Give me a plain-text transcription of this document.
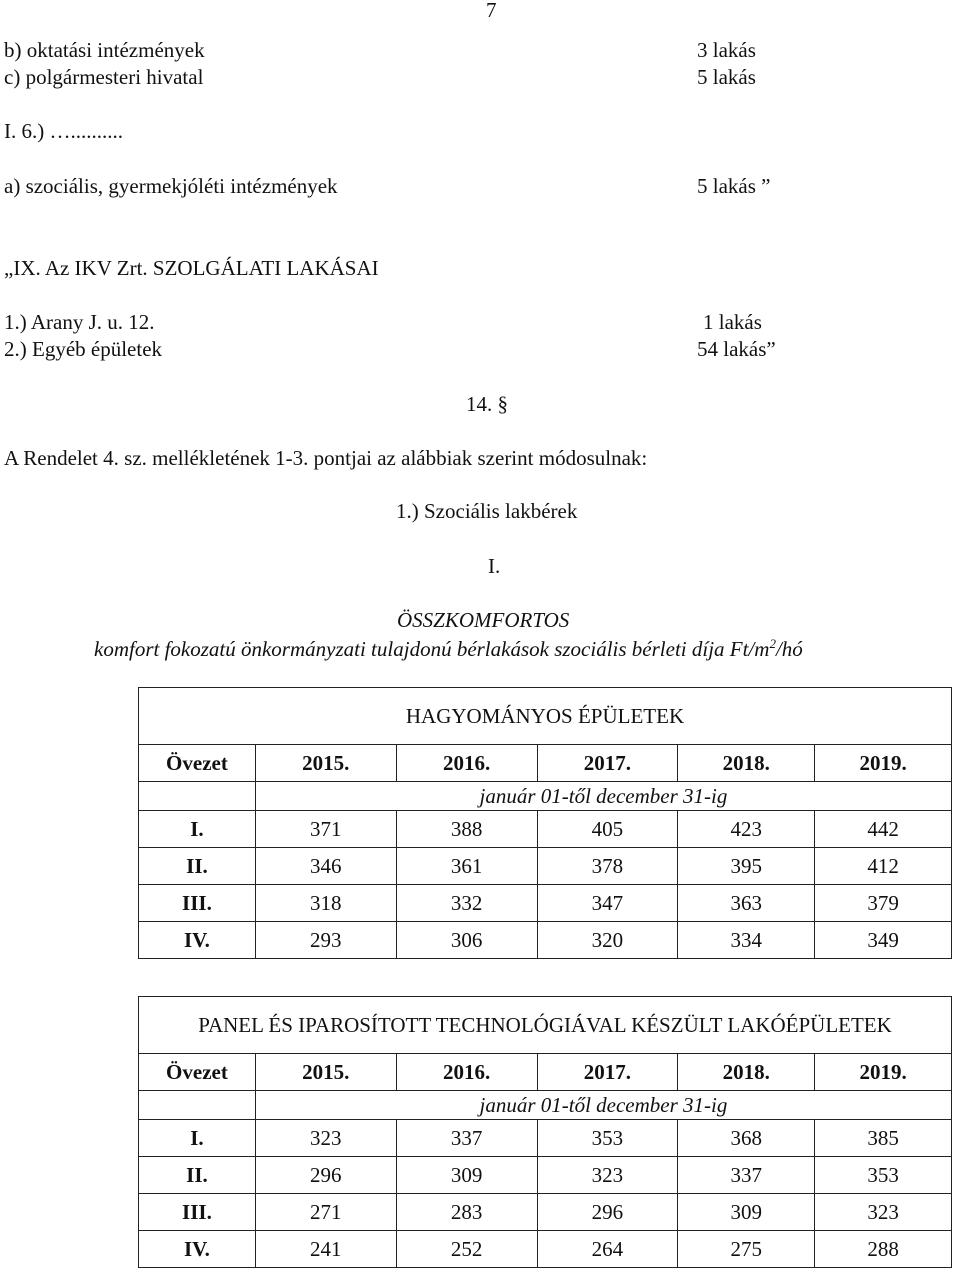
7
b) oktatási intézmények	3 lakás
c) polgármesteri hivatal	5 lakás
I. 6.) …..........
a) szociális, gyermekjóléti intézmények	5 lakás ”
„IX. Az IKV Zrt. SZOLGÁLATI LAKÁSAI
1.) Arany J. u. 12.	1 lakás
2.) Egyéb épületek	54 lakás”
14. §
A Rendelet 4. sz. mellékletének 1-3. pontjai az alábbiak szerint módosulnak:
1.) Szociális lakbérek
I.
ÖSSZKOMFORTOS
komfort fokozatú önkormányzati tulajdonú bérlakások szociális bérleti díja $Ft/m^2/hó$
HAGYOMÁNYOS ÉPÜLETEK					
Övezet	2015.	2016.	2017.	2018.	2019.
	január 01-től december 31-ig				
I.	371	388	405	423	442
II.	346	361	378	395	412
III.	318	332	347	363	379
IV.	293	306	320	334	349
PANEL ÉS IPAROSÍTOTT TECHNOLÓGIÁVAL KÉSZÜLT LAKÓÉPÜLETEK					
Övezet	2015.	2016.	2017.	2018.	2019.
	január 01-től december 31-ig				
I.	323	337	353	368	385
II.	296	309	323	337	353
III.	271	283	296	309	323
IV.	241	252	264	275	288
